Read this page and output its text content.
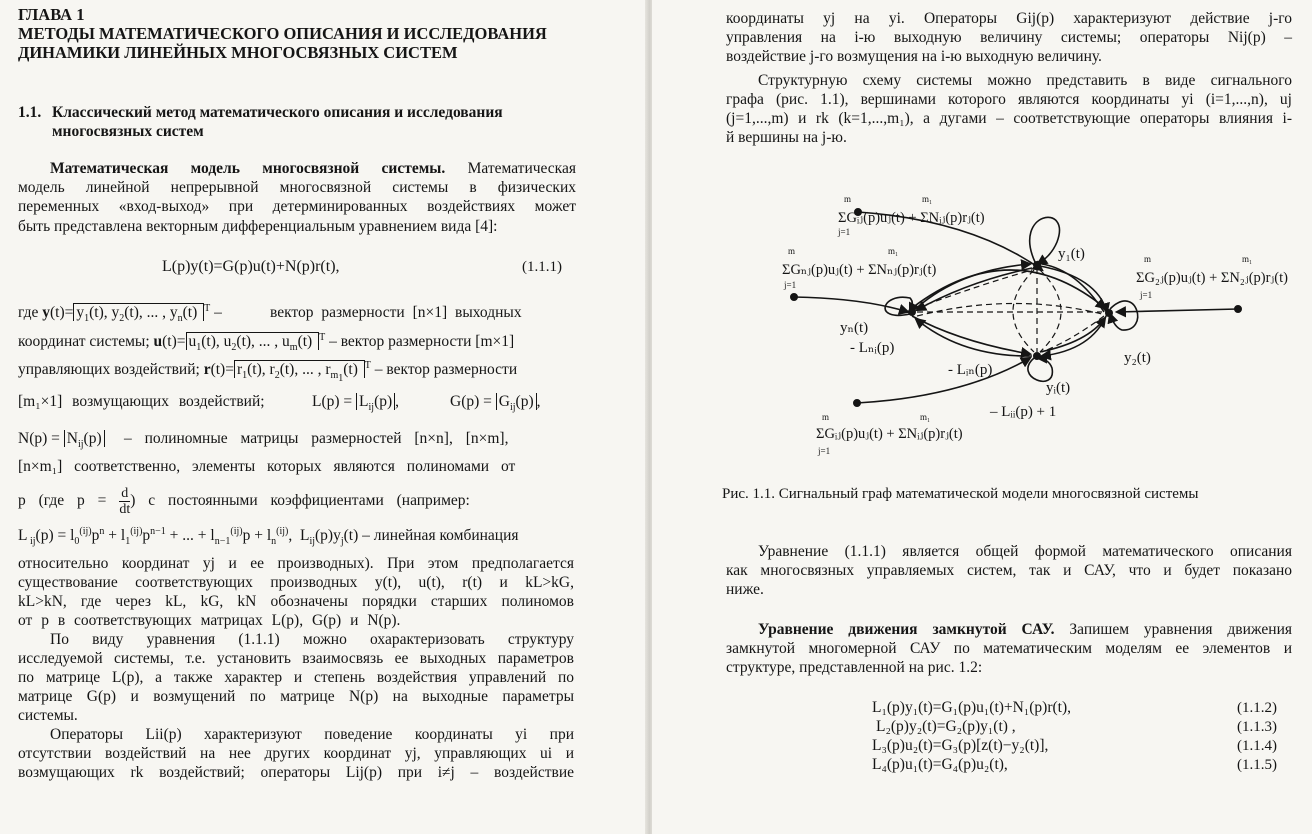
ГЛАВА 1
МЕТОДЫ МАТЕМАТИЧЕСКОГО ОПИСАНИЯ И ИССЛЕДОВАНИЯ
ДИНАМИКИ ЛИНЕЙНЫХ МНОГОСВЯЗНЫХ СИСТЕМ
1.1. Классический метод математического описания и исследования
многосвязных систем
Математическая модель многосвязной системы. Математическая
модель линейной непрерывной многосвязной системы в физических
переменных «вход-выход» при детерминированных воздействиях может
быть представлена векторным дифференциальным уравнением вида [4]:
L(p)y(t)=G(p)u(t)+N(p)r(t),	(1.1.1)
где $y(t)= y_1(t)$, $y_2(t)$, ... , $y_n(t)$ $^T$ –	вектор размерности [n×1] выходных
координат системы; $u(t)= u_1(t)$, $u_2(t)$, ... , $u_m(t)$ $^T$ – вектор размерности [m×1]
управляющих воздействий; $r(t)= r_1(t)$, $r_2(t)$, ... , $r_{m_1}(t)$ $^T$ – вектор размерности
[m₁×1] возмущающих воздействий;	$L(p) = L_{ij}(p)$ ,	$G(p) = G_{ij}(p)$ ,
$N(p) = N_{ij}(p)$ – полиномные матрицы размерностей [n×n], [n×m],
[n×m₁] соответственно, элементы которых являются полиномами от
p (где $p = \frac{d}{dt}$ ) с постоянными коэффициентами (например:
L $_{ij}(p) = l_0^{(ij)}p^n + l_1^{(ij)}p^{n-1}$ + ... + $l_{n-1}^{(ij)}p + l_n^{(ij)}$,  $L_{ij}(p)y_j(t)$ – линейная комбинация
относительно координат yj и ее производных). При этом предполагается
существование соответствующих производных y(t), u(t), r(t) и kL>kG,
kL>kN, где через kL, kG, kN обозначены порядки старших полиномов
от p в соответствующих матрицах L(p), G(p) и N(p).
По виду уравнения (1.1.1) можно охарактеризовать структуру
исследуемой системы, т.е. установить взаимосвязь ее выходных параметров
по матрице L(p), а также характер и степень воздействия управлений по
матрице G(p) и возмущений по матрице N(p) на выходные параметры
системы.
Операторы Lii(p) характеризуют поведение координаты yi при
отсутствии воздействий на нее других координат yj, управляющих ui и
возмущающих rk воздействий; операторы Lij(p) при i≠j – воздействие
координаты yj на yi. Операторы Gij(p) характеризуют действие j-го
управления на i-ю выходную величину системы; операторы Nij(p) –
воздействие j-го возмущения на i-ю выходную величину.
Структурную схему системы можно представить в виде сигнального
графа (рис. 1.1), вершинами которого являются координаты yi (i=1,...,n), uj
(j=1,...,m) и rk (k=1,...,m₁), а дугами – соответствующие операторы влияния i-
й вершины на j-ю.
y₁(t)
y₂(t)
yₙ(t)
yᵢ(t)
- Lₙᵢ(p)
- Lᵢₙ(p)
– Lᵢᵢ(p) + 1
m	m₁
ΣGᵢⱼ(p)uⱼ(t) + ΣNᵢⱼ(p)rⱼ(t)
j=1
m	m₁
ΣGₙⱼ(p)uⱼ(t) + ΣNₙⱼ(p)rⱼ(t)
j=1
m	m₁
ΣG₂ⱼ(p)uⱼ(t) + ΣN₂ⱼ(p)rⱼ(t)
j=1
m	m₁
ΣGᵢⱼ(p)uⱼ(t) + ΣNᵢⱼ(p)rⱼ(t)
j=1
Рис. 1.1. Сигнальный граф математической модели многосвязной системы
Уравнение (1.1.1) является общей формой математического описания
как многосвязных управляемых систем, так и САУ, что и будет показано
ниже.
Уравнение движения замкнутой САУ. Запишем уравнения движения
замкнутой многомерной САУ по математическим моделям ее элементов и
структуре, представленной на рис. 1.2:
L₁(p)y₁(t)=G₁(p)u₁(t)+N₁(p)r(t),	(1.1.2)
L₂(p)y₂(t)=G₂(p)y₁(t) ,	(1.1.3)
L₃(p)u₂(t)=G₃(p)[z(t)−y₂(t)],	(1.1.4)
L₄(p)u₁(t)=G₄(p)u₂(t),	(1.1.5)
